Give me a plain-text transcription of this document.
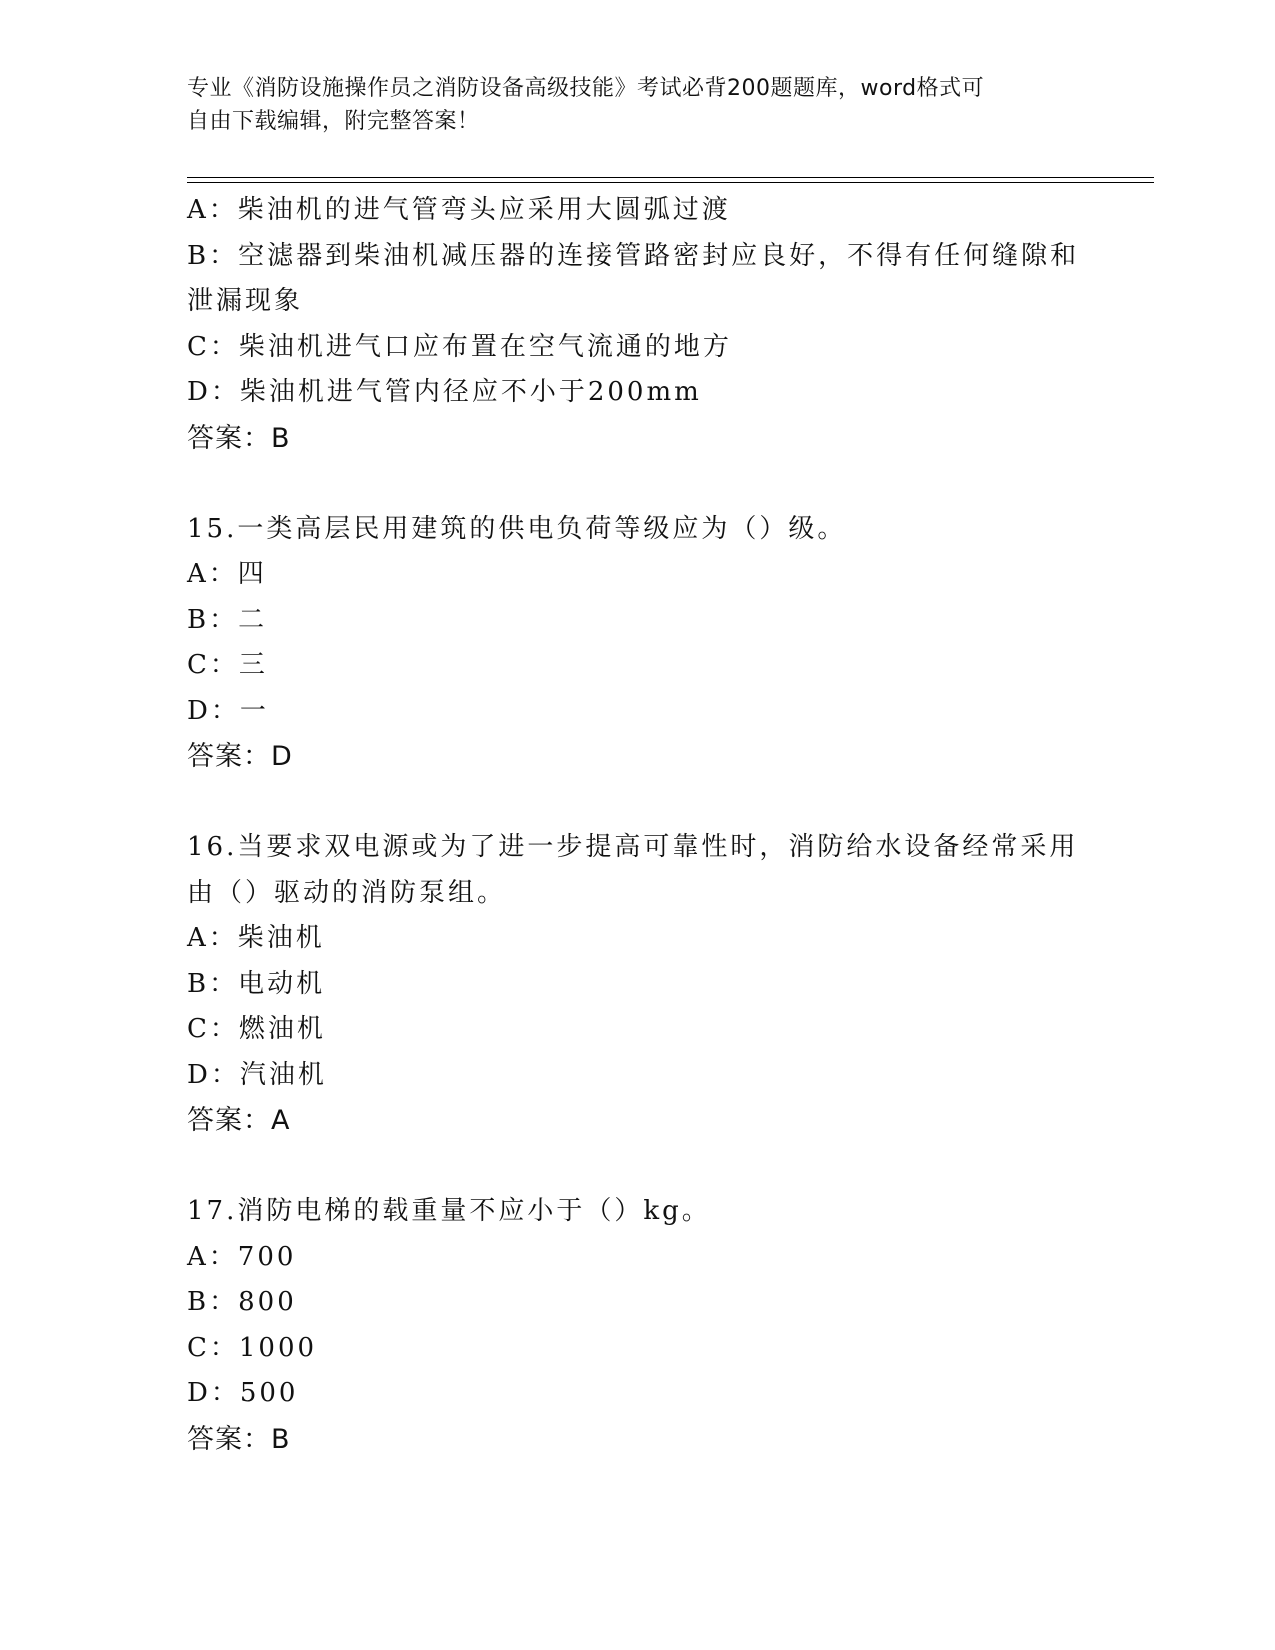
专业《消防设施操作员之消防设备高级技能》考试必背200题题库，word格式可
自由下载编辑，附完整答案！
A：柴油机的进气管弯头应采用大圆弧过渡
B：空滤器到柴油机减压器的连接管路密封应良好，不得有任何缝隙和
泄漏现象
C：柴油机进气口应布置在空气流通的地方
D：柴油机进气管内径应不小于200mm
答案：B
15.一类高层民用建筑的供电负荷等级应为（）级。
A：四
B：二
C：三
D：一
答案：D
16.当要求双电源或为了进一步提高可靠性时，消防给水设备经常采用
由（）驱动的消防泵组。
A：柴油机
B：电动机
C：燃油机
D：汽油机
答案：A
17.消防电梯的载重量不应小于（）kg。
A：700
B：800
C：1000
D：500
答案：B
